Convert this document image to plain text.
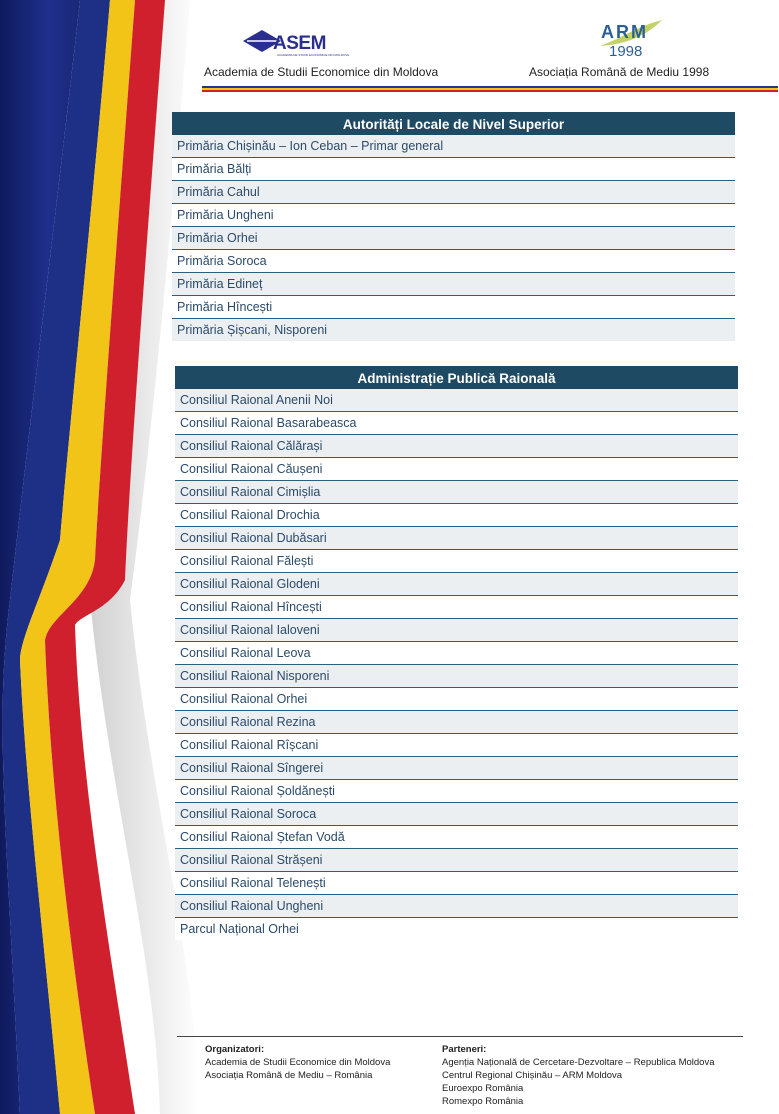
ASEM
ACADEMIA DE STUDII ECONOMICE DIN MOLDOVA
ARM
1998
Academia de Studii Economice din Moldova	Asociația Română de Mediu 1998
Autorități Locale de Nivel Superior
Primăria Chișinău – Ion Ceban – Primar general
Primăria Bălți
Primăria Cahul
Primăria Ungheni
Primăria Orhei
Primăria Soroca
Primăria Edineț
Primăria Hîncești
Primăria Șișcani, Nisporeni
Administrație Publică Raională
Consiliul Raional Anenii Noi
Consiliul Raional Basarabeasca
Consiliul Raional Călărași
Consiliul Raional Căușeni
Consiliul Raional Cimișlia
Consiliul Raional Drochia
Consiliul Raional Dubăsari
Consiliul Raional Fălești
Consiliul Raional Glodeni
Consiliul Raional Hîncești
Consiliul Raional Ialoveni
Consiliul Raional Leova
Consiliul Raional Nisporeni
Consiliul Raional Orhei
Consiliul Raional Rezina
Consiliul Raional Rîșcani
Consiliul Raional Sîngerei
Consiliul Raional Șoldănești
Consiliul Raional Soroca
Consiliul Raional Ștefan Vodă
Consiliul Raional Strășeni
Consiliul Raional Telenești
Consiliul Raional Ungheni
Parcul Național Orhei
Organizatori:
Academia de Studii Economice din Moldova
Asociația Română de Mediu – România
Parteneri:
Agenția Națională de Cercetare-Dezvoltare – Republica Moldova
Centrul Regional Chișinău – ARM Moldova
Euroexpo România
Romexpo România
